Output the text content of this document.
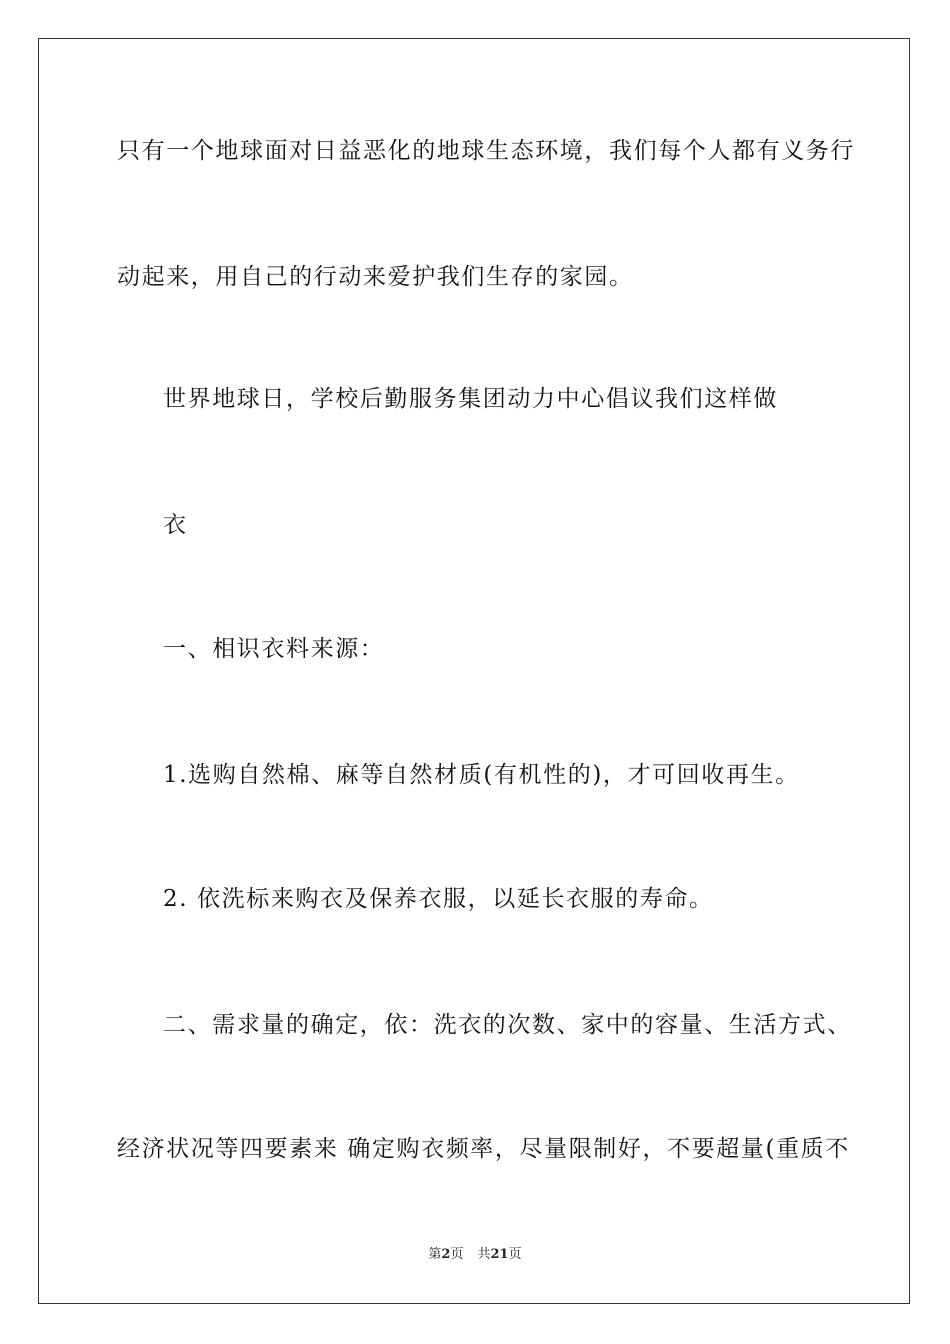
只有一个地球面对日益恶化的地球生态环境，我们每个人都有义务行
动起来，用自己的行动来爱护我们生存的家园。
世界地球日，学校后勤服务集团动力中心倡议我们这样做
衣
一、相识衣料来源：
1.选购自然棉、麻等自然材质(有机性的)，才可回收再生。
2. 依洗标来购衣及保养衣服，以延长衣服的寿命。
二、需求量的确定，依：洗衣的次数、家中的容量、生活方式、
经济状况等四要素来 确定购衣频率，尽量限制好，不要超量(重质不
第2页 共21页
